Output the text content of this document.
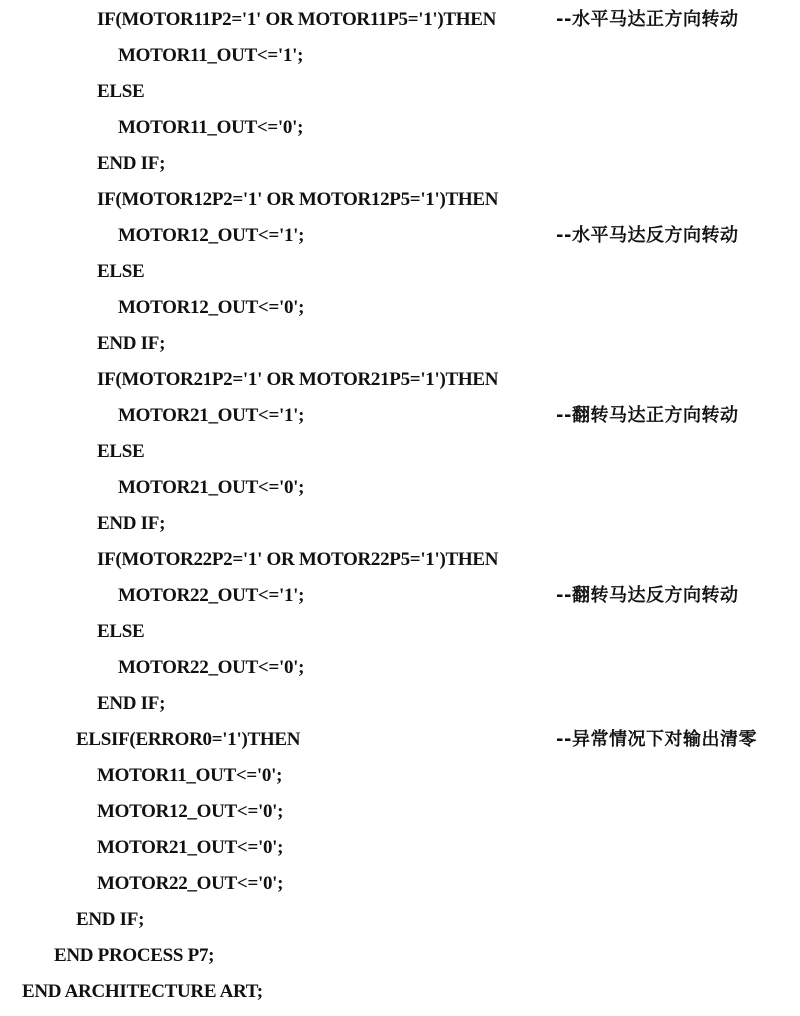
IF(MOTOR11P2='1' OR MOTOR11P5='1')THEN	--水平马达正方向转动
MOTOR11_OUT<='1';
ELSE
MOTOR11_OUT<='0';
END IF;
IF(MOTOR12P2='1' OR MOTOR12P5='1')THEN
MOTOR12_OUT<='1';	--水平马达反方向转动
ELSE
MOTOR12_OUT<='0';
END IF;
IF(MOTOR21P2='1' OR MOTOR21P5='1')THEN
MOTOR21_OUT<='1';	--翻转马达正方向转动
ELSE
MOTOR21_OUT<='0';
END IF;
IF(MOTOR22P2='1' OR MOTOR22P5='1')THEN
MOTOR22_OUT<='1';	--翻转马达反方向转动
ELSE
MOTOR22_OUT<='0';
END IF;
ELSIF(ERROR0='1')THEN	--异常情况下对输出清零
MOTOR11_OUT<='0';
MOTOR12_OUT<='0';
MOTOR21_OUT<='0';
MOTOR22_OUT<='0';
END IF;
END PROCESS P7;
END ARCHITECTURE ART;
